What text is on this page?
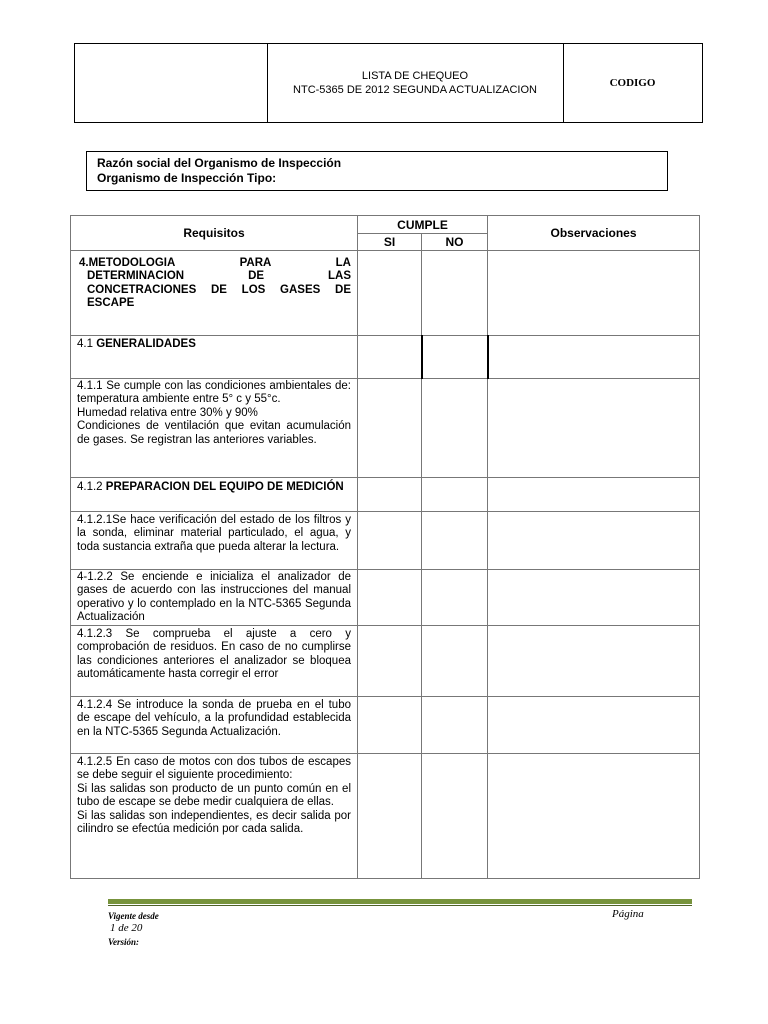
LISTA DE CHEQUEO
NTC-5365 DE 2012 SEGUNDA ACTUALIZACION
CODIGO
Razón social del Organismo de Inspección
Organismo de Inspección Tipo:
Requisitos	CUMPLE		Observaciones
	SI	NO	

4.METODOLOGIA PARA LA
DETERMINACION DE LAS
CONCETRACIONES DE LOS GASES DE
ESCAPE			

4.1 GENERALIDADES			

4.1.1 Se cumple con las condiciones ambientales de: temperatura ambiente entre 5° c y 55°c.
Humedad relativa entre 30% y 90%
Condiciones de ventilación que evitan acumulación de gases. Se registran las anteriores variables.			

4.1.2 PREPARACION DEL EQUIPO DE MEDICIÓN			

4.1.2.1Se hace verificación del estado de los filtros y la sonda, eliminar material particulado, el agua, y toda sustancia extraña que pueda alterar la lectura.			

4-1.2.2 Se enciende e inicializa el analizador de gases de acuerdo con las instrucciones del manual operativo y lo contemplado en la NTC-5365 Segunda Actualización			

4.1.2.3 Se comprueba el ajuste a cero y comprobación de residuos. En caso de no cumplirse las condiciones anteriores el analizador se bloquea automáticamente hasta corregir el error			

4.1.2.4 Se introduce la sonda de prueba en el tubo de escape del vehículo, a la profundidad establecida en la NTC-5365 Segunda Actualización.			

4.1.2.5 En caso de motos con dos tubos de escapes se debe seguir el siguiente procedimiento:
Si las salidas son producto de un punto común en el tubo de escape se debe medir cualquiera de ellas.
Si las salidas son independientes, es decir salida por cilindro se efectúa medición por cada salida.			

Vigente desde	Página
1 de 20
Versión:
